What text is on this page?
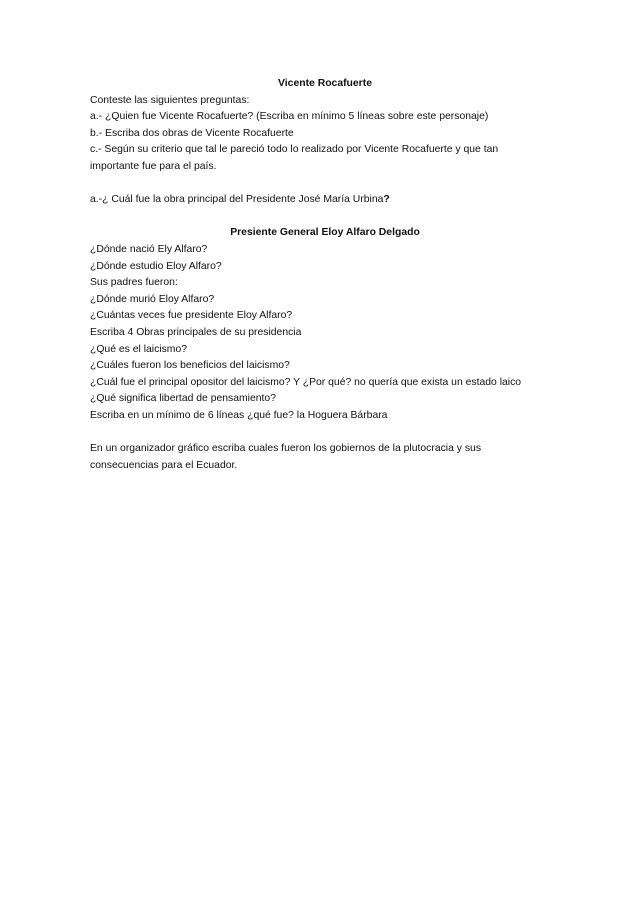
Vicente Rocafuerte
Conteste las siguientes preguntas:
a.- ¿Quien fue Vicente Rocafuerte? (Escriba en mínimo 5 líneas sobre este personaje)
b.- Escriba dos obras de Vicente Rocafuerte
c.- Según su criterio que tal le pareció todo lo realizado por Vicente Rocafuerte y que tan
importante fue para el país.
a.-¿ Cuál fue la obra principal del Presidente José María Urbina?
Presiente General Eloy Alfaro Delgado
¿Dónde nació Ely Alfaro?
¿Dónde estudio Eloy Alfaro?
Sus padres fueron:
¿Dónde murió Eloy Alfaro?
¿Cuántas veces fue presidente Eloy Alfaro?
Escriba 4 Obras principales de su presidencia
¿Qué es el laicismo?
¿Cuáles fueron los beneficios del laicismo?
¿Cuál fue el principal opositor del laicismo? Y ¿Por qué? no quería que exista un estado laico
¿Qué significa libertad de pensamiento?
Escriba en un mínimo de 6 líneas ¿qué fue? la Hoguera Bárbara
En un organizador gráfico escriba cuales fueron los gobiernos de la plutocracia y sus
consecuencias para el Ecuador.
